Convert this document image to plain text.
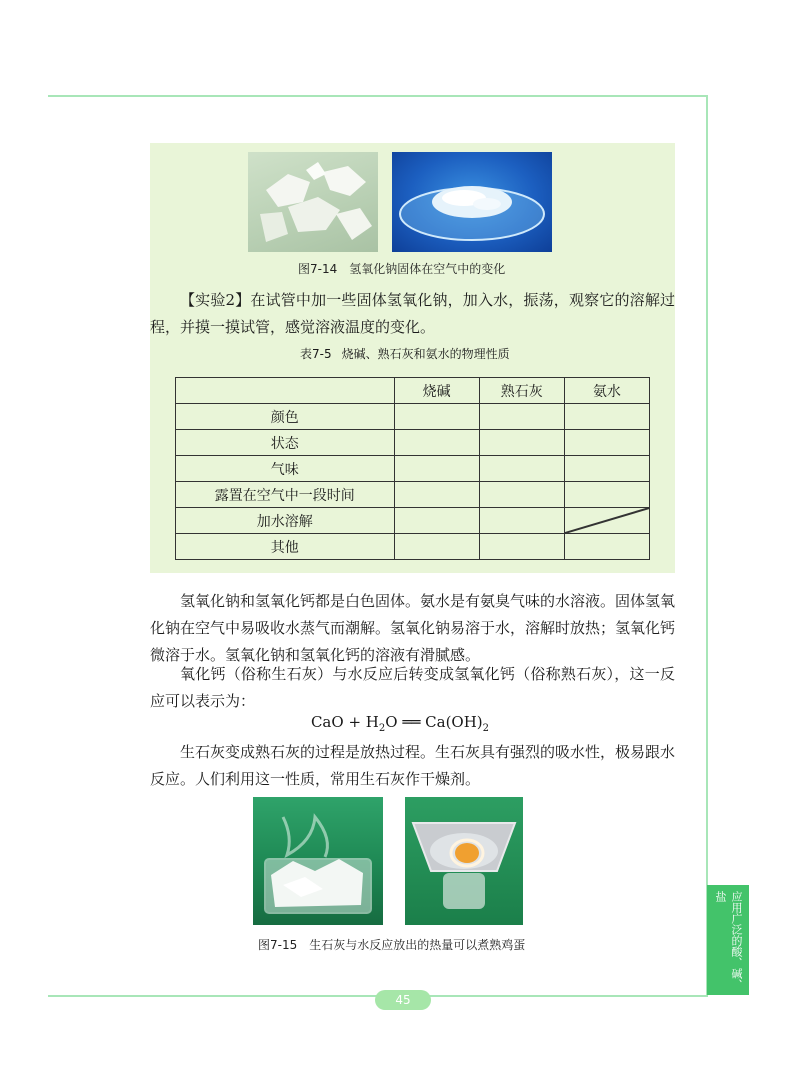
图7-14 氢氧化钠固体在空气中的变化

【实验2】在试管中加一些固体氢氧化钠，加入水，振荡，观察它的溶解过程，并摸一摸试管，感觉溶液温度的变化。

表7-5 烧碱、熟石灰和氨水的物理性质
	烧碱	熟石灰	氨水
颜色			
状态			
气味			
露置在空气中一段时间			
加水溶解			

其他			

氢氧化钠和氢氧化钙都是白色固体。氨水是有氨臭气味的水溶液。固体氢氧化钠在空气中易吸收水蒸气而潮解。氢氧化钠易溶于水，溶解时放热；氢氧化钙微溶于水。氢氧化钠和氢氧化钙的溶液有滑腻感。

氧化钙（俗称生石灰）与水反应后转变成氢氧化钙（俗称熟石灰），这一反应可以表示为：

CaO + $H_2O$ ══ $Ca(OH)_2$

生石灰变成熟石灰的过程是放热过程。生石灰具有强烈的吸水性，极易跟水反应。人们利用这一性质，常用生石灰作干燥剂。

图7-15 生石灰与水反应放出的热量可以煮熟鸡蛋
45
应用广泛的酸、碱、盐
